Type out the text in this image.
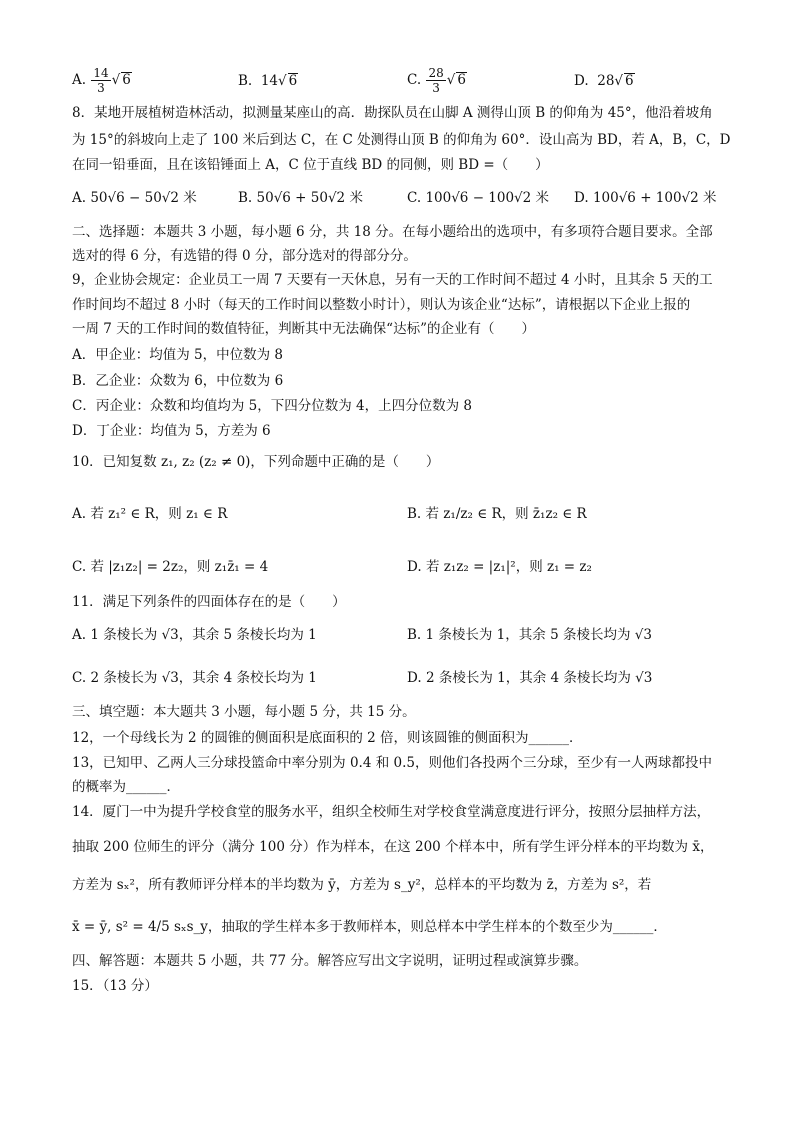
A. $\frac{14}{3}$ √ 6	B. 14√ 6	C. $\frac{28}{3}$ √ 6	D. 28√ 6
8．某地开展植树造林活动，拟测量某座山的高．勘探队员在山脚 A 测得山顶 B 的仰角为 45°，他沿着坡角
为 15°的斜坡向上走了 100 米后到达 C，在 C 处测得山顶 B 的仰角为 60°．设山高为 BD，若 A，B，C，D
在同一铅垂面，且在该铅锤面上 A，C 位于直线 BD 的同侧，则 BD =（　　）
A. 50√6 − 50√2 米	B. 50√6 + 50√2 米	C. 100√6 − 100√2 米 D. 100√6 + 100√2 米
二、选择题：本题共 3 小题，每小题 6 分，共 18 分。在每小题给出的选项中，有多项符合题目要求。全部
选对的得 6 分，有选错的得 0 分，部分选对的得部分分。
9，企业协会规定：企业员工一周 7 天要有一天休息，另有一天的工作时间不超过 4 小时，且其余 5 天的工
作时间均不超过 8 小时（每天的工作时间以整数小时计），则认为该企业“达标”，请根据以下企业上报的
一周 7 天的工作时间的数值特征，判断其中无法确保“达标”的企业有（　　）
A．甲企业：均值为 5，中位数为 8
B．乙企业：众数为 6，中位数为 6
C．丙企业：众数和均值均为 5，下四分位数为 4，上四分位数为 8
D．丁企业：均值为 5，方差为 6
10．已知复数 z₁, z₂ (z₂ ≠ 0)，下列命题中正确的是（　　）
A. 若 z₁² ∈ R，则 z₁ ∈ R	B. 若 z₁/z₂ ∈ R，则 z̄₁z₂ ∈ R
C. 若 |z₁z₂| = 2z₂，则 z₁z̄₁ = 4	D. 若 z₁z₂ = |z₁|²，则 z₁ = z₂
11．满足下列条件的四面体存在的是（　　）
A. 1 条棱长为 √3，其余 5 条棱长均为 1	B. 1 条棱长为 1，其余 5 条棱长均为 √3
C. 2 条棱长为 √3，其余 4 条校长均为 1	D. 2 条棱长为 1，其余 4 条棱长均为 √3
三、填空题：本大题共 3 小题，每小题 5 分，共 15 分。
12，一个母线长为 2 的圆锥的侧面积是底面积的 2 倍，则该圆锥的侧面积为______．
13，已知甲、乙两人三分球投篮命中率分别为 0.4 和 0.5，则他们各投两个三分球，至少有一人两球都投中
的概率为______．
14．厦门一中为提升学校食堂的服务水平，组织全校师生对学校食堂满意度进行评分，按照分层抽样方法，
抽取 200 位师生的评分（满分 100 分）作为样本，在这 200 个样本中，所有学生评分样本的平均数为 x̄，
方差为 sₓ²，所有教师评分样本的半均数为 ȳ，方差为 s_y²，总样本的平均数为 z̄，方差为 s²，若
x̄ = ȳ, s² = 4/5 sₓs_y，抽取的学生样本多于教师样本，则总样本中学生样本的个数至少为______．
四、解答题：本题共 5 小题，共 77 分。解答应写出文字说明，证明过程或演算步骤。
15．（13 分）
